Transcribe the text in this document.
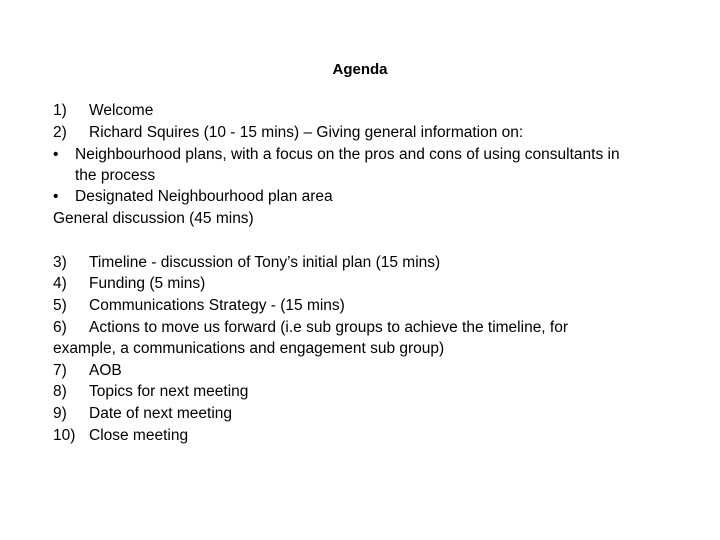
Agenda
1) Welcome
2) Richard Squires (10 - 15 mins) – Giving general information on:
• Neighbourhood plans, with a focus on the pros and cons of using consultants in
the process
• Designated Neighbourhood plan area
General discussion (45 mins)
3) Timeline - discussion of Tony’s initial plan (15 mins)
4) Funding (5 mins)
5) Communications Strategy - (15 mins)
6) Actions to move us forward (i.e sub groups to achieve the timeline, for
example, a communications and engagement sub group)
7) AOB
8) Topics for next meeting
9) Date of next meeting
10) Close meeting
